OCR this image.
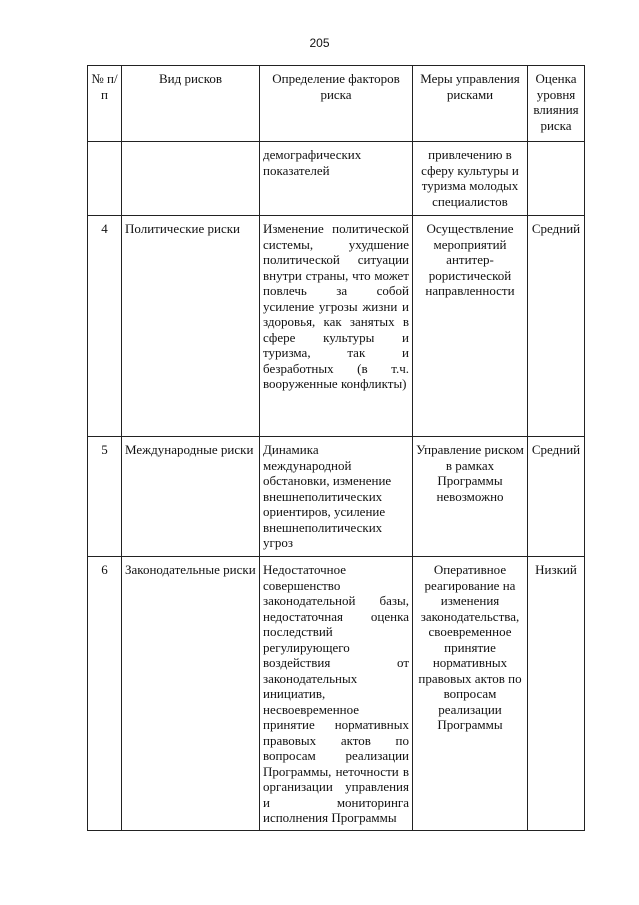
205
№ п/п	Вид рисков	Определение факторов риска	Меры управления рисками	Оценка уровня влияния риска
		демографических показателей	привлечению в сферу культуры и туризма молодых специалистов	
4	Политические риски	Изменение политической системы, ухудшение политической ситуации внутри страны, что может повлечь за собой усиление угрозы жизни и здоровья, как занятых в сфере культуры и туризма, так и безработных (в т.ч. вооруженные конфликты)	Осуществление мероприятий антитер-рористической направленности	Средний
5	Международные риски	Динамика международной обстановки, изменение внешнеполитических ориентиров, усиление внешнеполитических угроз	Управление риском в рамках Программы невозможно	Средний
6	Законодательные риски	Недостаточное совершенство законодательной базы, недостаточная оценка последствий регулирующего воздействия от законодательных инициатив, несвоевременное принятие нормативных правовых актов по вопросам реализации Программы, неточности в организации управления и мониторинга исполнения Программы	Оперативное реагирование на изменения законодательства, своевременное принятие нормативных правовых актов по вопросам реализации Программы	Низкий
